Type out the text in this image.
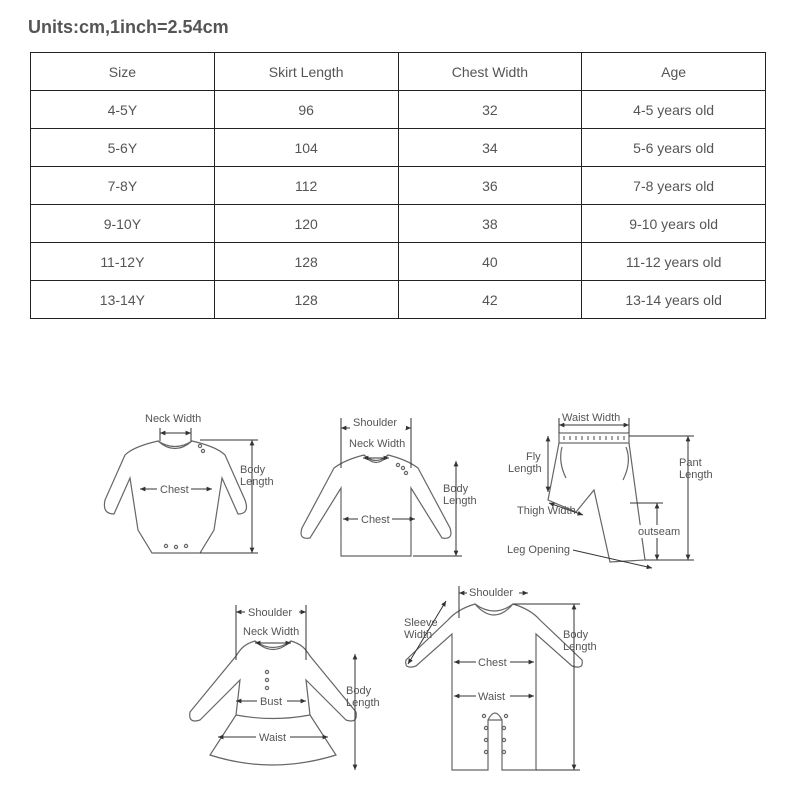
Units:cm,1inch=2.54cm
Size	Skirt Length	Chest Width	Age
4-5Y	96	32	4-5 years old
5-6Y	104	34	5-6 years old
7-8Y	112	36	7-8 years old
9-10Y	120	38	9-10 years old
11-12Y	128	40	11-12 years old
13-14Y	128	42	13-14 years old
Neck Width
Chest
Body
Length
Shoulder
Neck Width
Chest
Body
Length
Waist Width
Fly
Length	Pant
Length
Thigh Width
outseam
Leg Opening
Shoulder
Neck Width
Bust
Waist
Body
Length
Shoulder
Sleeve
Width
Chest
Waist
Body
Length
